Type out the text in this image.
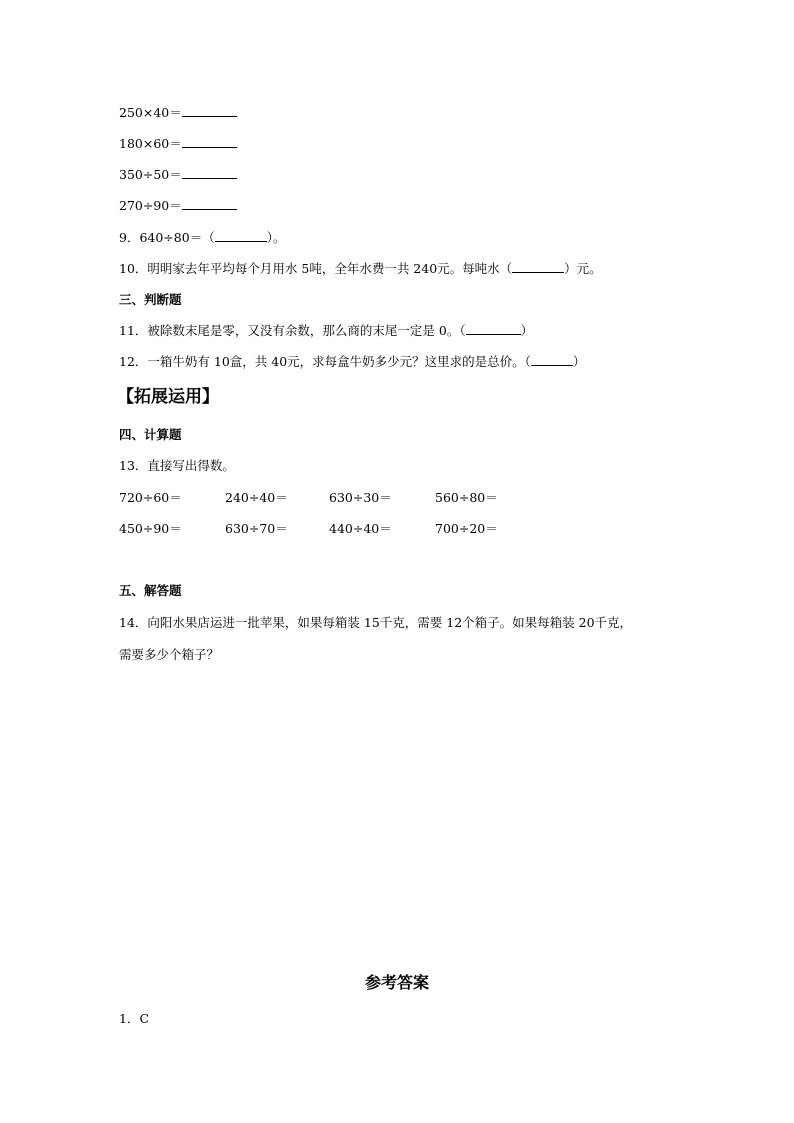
250×40＝
180×60＝
350÷50＝
270÷90＝
9．640÷80＝（	）。
10．明明家去年平均每个月用水 5吨，全年水费一共 240元。每吨水（	）元。
三、判断题
11．被除数末尾是零，又没有余数，那么商的末尾一定是 0。（	）
12．一箱牛奶有 10盒，共 40元，求每盒牛奶多少元？这里求的是总价。（	）
【拓展运用】
四、计算题
13．直接写出得数。
720÷60＝	240÷40＝	630÷30＝	560÷80＝
450÷90＝	630÷70＝	440÷40＝	700÷20＝
五、解答题
14．向阳水果店运进一批苹果，如果每箱装 15千克，需要 12个箱子。如果每箱装 20千克，
需要多少个箱子？
参考答案
1．C
